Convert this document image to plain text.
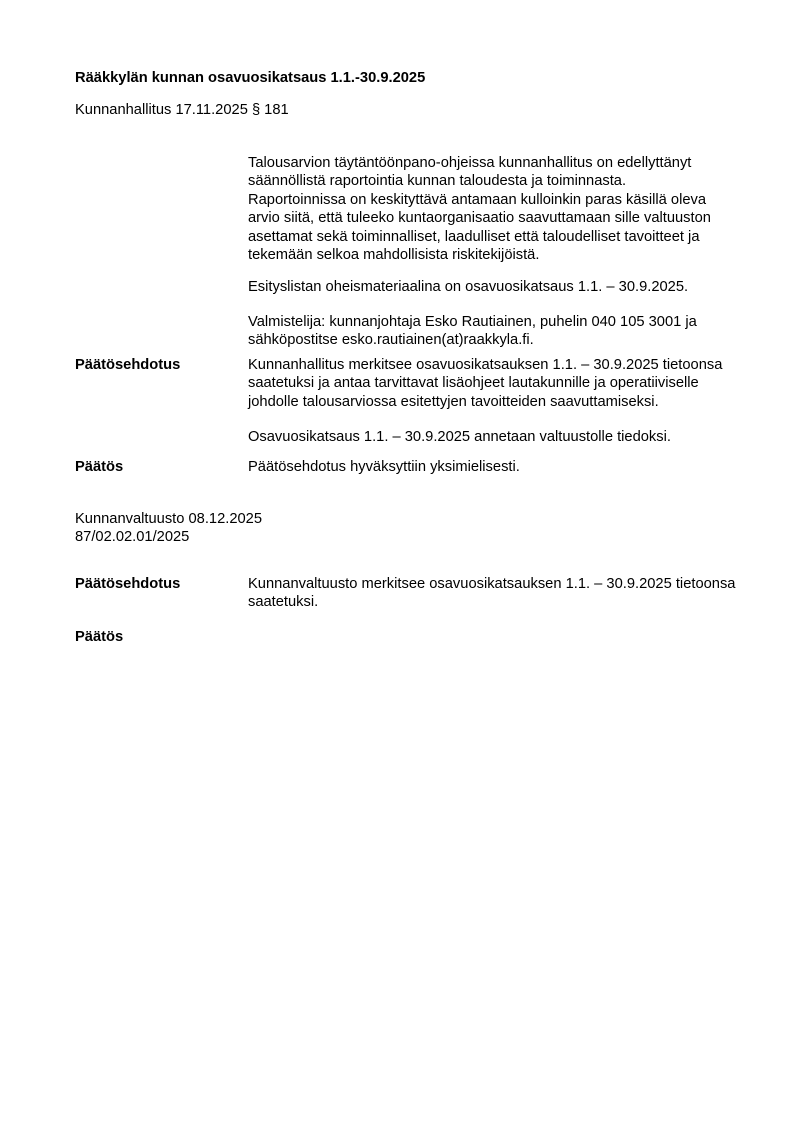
Rääkkylän kunnan osavuosikatsaus 1.1.-30.9.2025
Kunnanhallitus 17.11.2025 § 181
Talousarvion täytäntöönpano-ohjeissa kunnanhallitus on edellyttänyt
säännöllistä raportointia kunnan taloudesta ja toiminnasta.
Raportoinnissa on keskityttävä antamaan kulloinkin paras käsillä oleva
arvio siitä, että tuleeko kuntaorganisaatio saavuttamaan sille valtuuston
asettamat sekä toiminnalliset, laadulliset että taloudelliset tavoitteet ja
tekemään selkoa mahdollisista riskitekijöistä.
Esityslistan oheismateriaalina on osavuosikatsaus 1.1. – 30.9.2025.
Valmistelija: kunnanjohtaja Esko Rautiainen, puhelin 040 105 3001 ja
sähköpostitse esko.rautiainen(at)raakkyla.fi.
Päätösehdotus	Kunnanhallitus merkitsee osavuosikatsauksen 1.1. – 30.9.2025 tietoonsa
saatetuksi ja antaa tarvittavat lisäohjeet lautakunnille ja operatiiviselle
johdolle talousarviossa esitettyjen tavoitteiden saavuttamiseksi.
Osavuosikatsaus 1.1. – 30.9.2025 annetaan valtuustolle tiedoksi.
Päätös	Päätösehdotus hyväksyttiin yksimielisesti.
Kunnanvaltuusto 08.12.2025
87/02.02.01/2025
Päätösehdotus	Kunnanvaltuusto merkitsee osavuosikatsauksen 1.1. – 30.9.2025 tietoonsa
saatetuksi.
Päätös
